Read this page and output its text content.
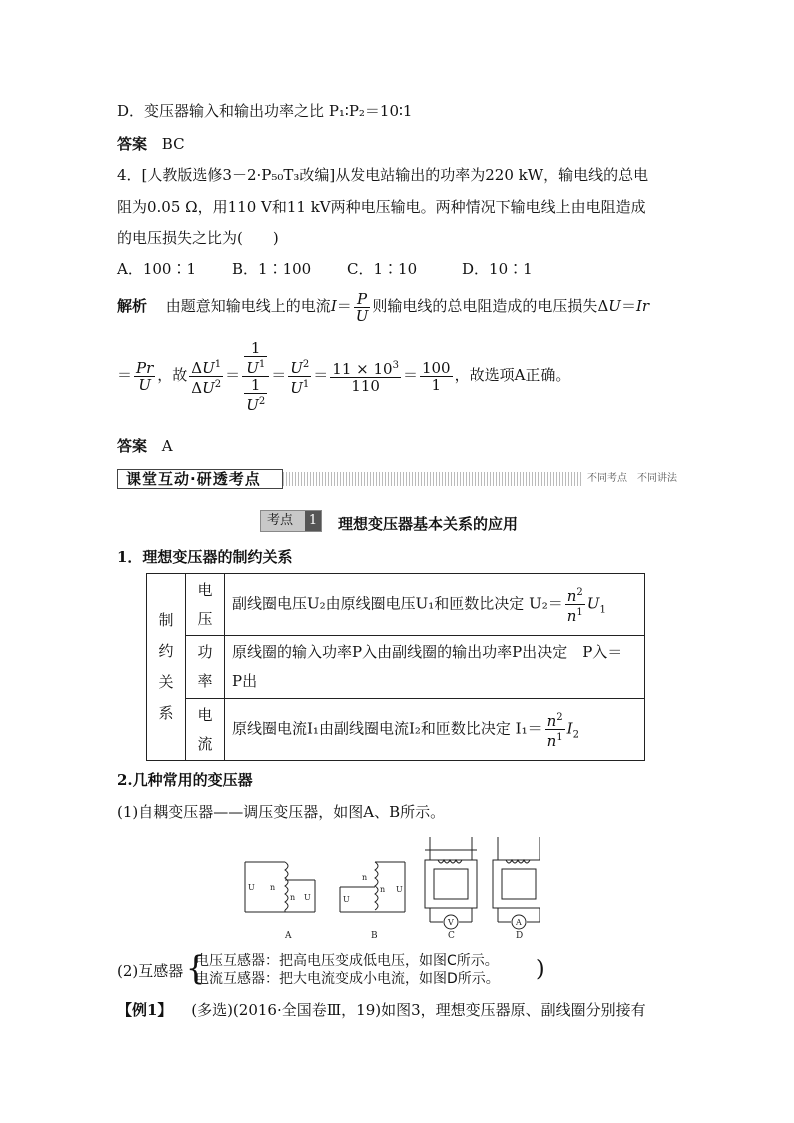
D．变压器输入和输出功率之比 P₁∶P₂＝10∶1
答案 BC
4．[人教版选修3－2·P₅₀T₃改编]从发电站输出的功率为220 kW，输电线的总电
阻为0.05 Ω，用110 V和11 kV两种电压输电。两种情况下输电线上由电阻造成
的电压损失之比为(　　)
A．100∶1 B．1∶100 C．1∶10	D．10∶1
解析 由题意知输电线上的电流$I= \frac{P}{U}$ 则输电线的总电阻造成的电压损失ΔU＝Ir
＝ $\frac{Pr}{U}$ ，故 $\frac{\Delta U^1}{\Delta U^2} = \frac{\frac{1}{U^1}}{\frac{1}{U^2}} = \frac{U^2}{U^1} = \frac{11 \times 10^3}{110} = \frac{100}{1}$ ，故选项A正确。
答案 A
课堂互动·研透考点	不同考点　不同讲法
考点 1 理想变压器基本关系的应用
1．理想变压器的制约关系
制
约
关
系	电
压	副线圈电压U₂由原线圈电压U₁和匝数比决定 $U_2= \frac{n^2}{n^1} U_1$
	功
率	原线圈的输入功率P入由副线圈的输出功率P出决定　P入＝
P出
	电
流	原线圈电流I₁由副线圈电流I₂和匝数比决定 $I_1= \frac{n^2}{n^1} I_2$
2.几种常用的变压器
(1)自耦变压器——调压变压器，如图A、B所示。
U n
n U	U
n
n U
V	A
A	B	C	D
(2)互感器 {
电压互感器：把高电压变成低电压，如图C所示。
电流互感器：把大电流变成小电流，如图D所示。 )
【例1】 (多选)(2016·全国卷Ⅲ，19)如图3，理想变压器原、副线圈分别接有
